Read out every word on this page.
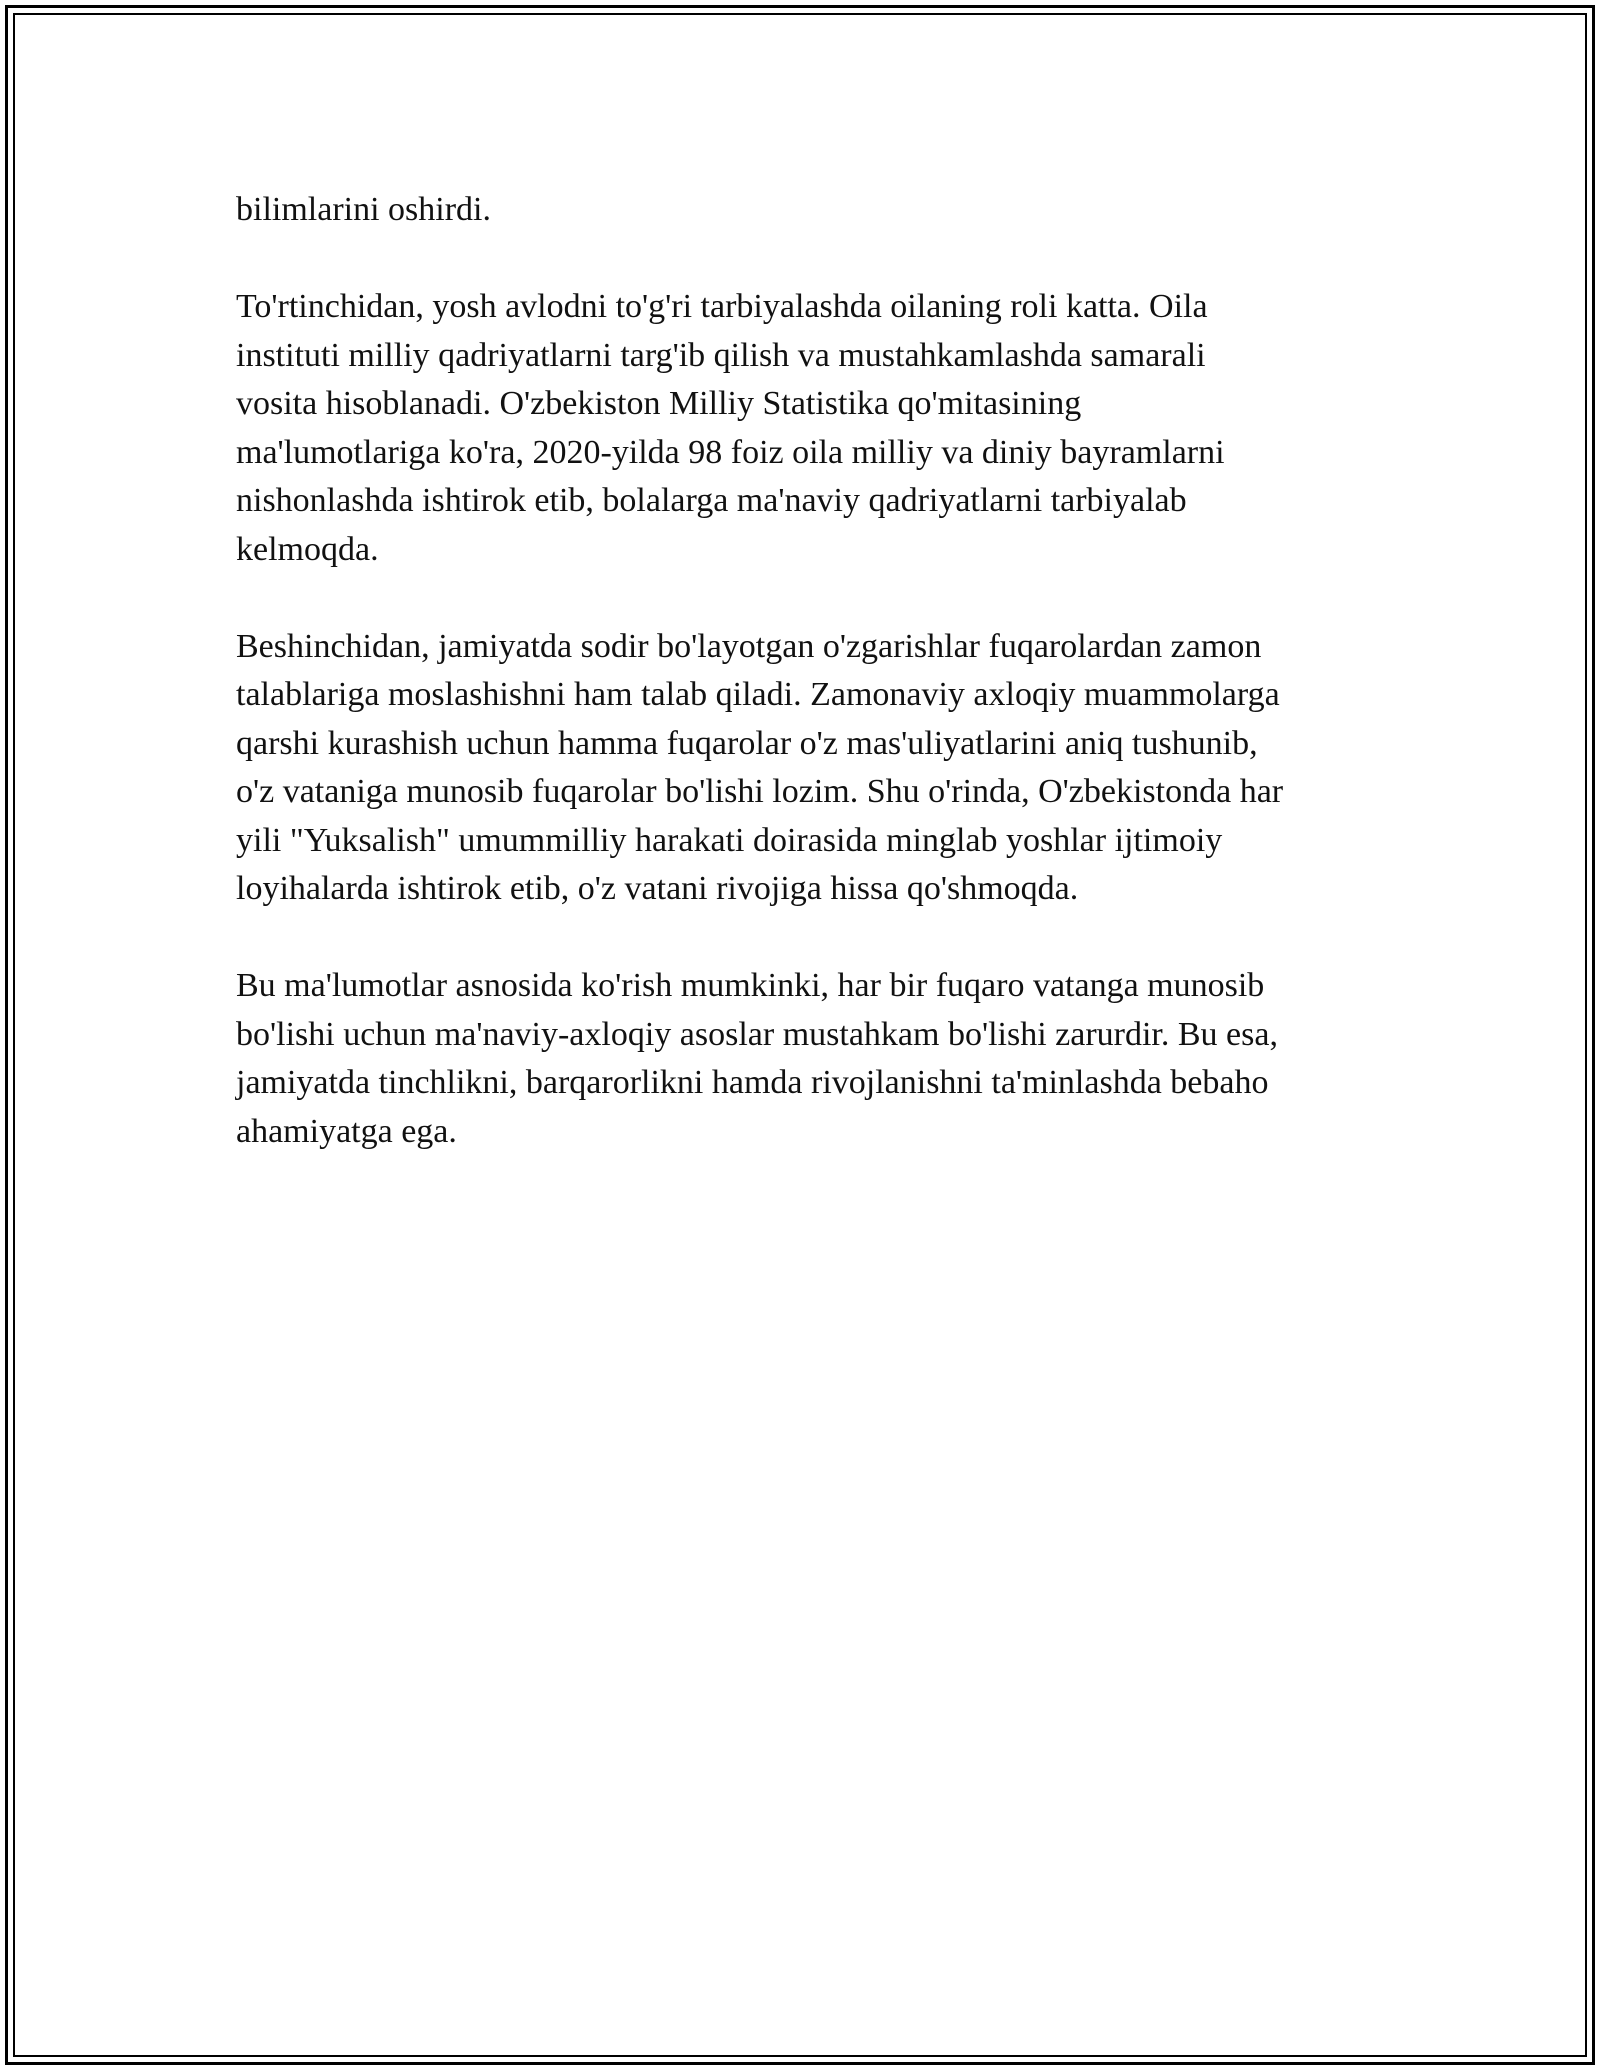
bilimlarini oshirdi.

To'rtinchidan, yosh avlodni to'g'ri tarbiyalashda oilaning roli katta. Oila
instituti milliy qadriyatlarni targ'ib qilish va mustahkamlashda samarali
vosita hisoblanadi. O'zbekiston Milliy Statistika qo'mitasining
ma'lumotlariga ko'ra, 2020-yilda 98 foiz oila milliy va diniy bayramlarni
nishonlashda ishtirok etib, bolalarga ma'naviy qadriyatlarni tarbiyalab
kelmoqda.

Beshinchidan, jamiyatda sodir bo'layotgan o'zgarishlar fuqarolardan zamon
talablariga moslashishni ham talab qiladi. Zamonaviy axloqiy muammolarga
qarshi kurashish uchun hamma fuqarolar o'z mas'uliyatlarini aniq tushunib,
o'z vataniga munosib fuqarolar bo'lishi lozim. Shu o'rinda, O'zbekistonda har
yili "Yuksalish" umummilliy harakati doirasida minglab yoshlar ijtimoiy
loyihalarda ishtirok etib, o'z vatani rivojiga hissa qo'shmoqda.

Bu ma'lumotlar asnosida ko'rish mumkinki, har bir fuqaro vatanga munosib
bo'lishi uchun ma'naviy-axloqiy asoslar mustahkam bo'lishi zarurdir. Bu esa,
jamiyatda tinchlikni, barqarorlikni hamda rivojlanishni ta'minlashda bebaho
ahamiyatga ega.
